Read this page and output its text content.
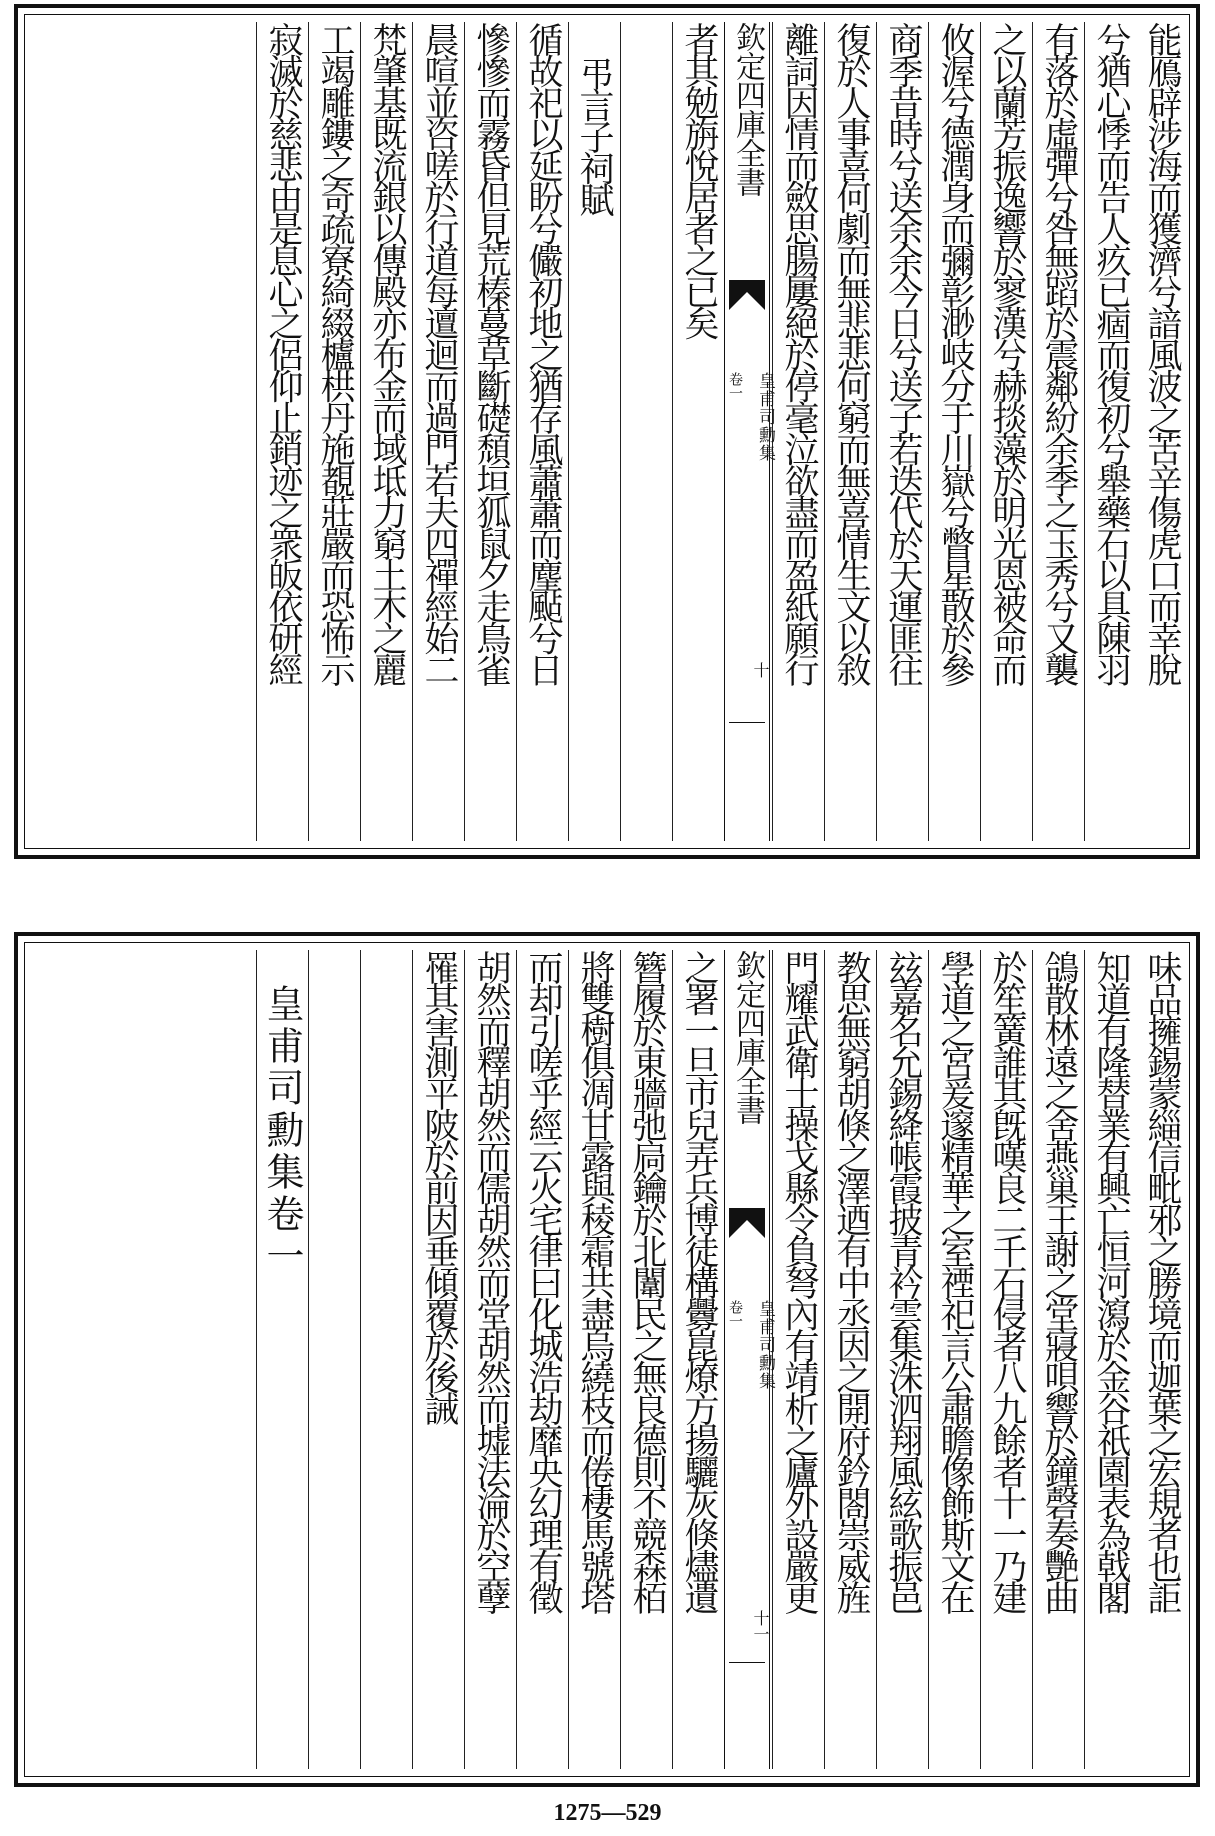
能鴈辟涉海而獲濟兮諳風波之苦辛傷虎口而幸脫
兮猶心悸而告人疚已痼而復初兮舉藥石以具陳羽
有落於虛彈兮咎無蹈於震鄰紛余季之玉秀兮又襲
之以蘭芳振逸響於寥漢兮赫掞藻於明光恩被命而
攸渥兮德潤身而彌彰渺岐分于川嶽兮瞥星散於參
商季昔時兮送余余今日兮送子若迭代於天運匪往
復於人事喜何劇而無悲悲何窮而無喜情生文以敘
離詞因情而斂思腸屢絕於停毫泣欲盡而盈紙願行
欽定四庫全書
皇甫司勳集
卷一
十
者其勉旃悅居者之已矣
弔言子祠賦
循故祀以延盼兮儼初地之猶存風蕭蕭而麈颭兮日
慘慘而霧昏但見荒榛蔓草斷礎頹垣狐鼠夕走鳥雀
晨喧並咨嗟於行道每邅迴而過門若夫四禪經始二
梵肇基既流銀以傳殿亦布金而域坻力窮土木之麗
工竭雕鏤之奇疏寮綺綴櫨栱丹施覩莊嚴而恐怖示
寂滅於慈悲由是息心之侶仰止銷迹之衆皈依研經
味品擁錫蒙緇信毗邪之勝境而迦葉之宏規者也詎
知道有隆替業有興亡恒河瀉於金谷祇園表為戟閣
鴿散林遠之舍燕巢王謝之堂寢唄響於鐘磬奏艷曲
於笙簧誰其旣嘆良二千石侵者八九餘者十一乃建
學道之宮爰邃精華之室禋祀言公肅瞻像飾斯文在
玆嘉名允錫絳帳霞披青衿雲集洙泗翔風絃歌振邑
教思無窮胡倏之澤迺有中丞因之開府鈐閤崇威旌
門耀武衛士操戈縣令負弩內有靖析之廬外設嚴更
欽定四庫全書
皇甫司勳集
卷一
十一
之署一旦市兒弄兵博徒構釁崑燎方揚驪灰倏燼遺
簪履於東牆弛扃鑰於北闈民之無良德則不競森栢
將雙樹俱凋甘露與稜霜共盡烏繞枝而倦棲馬號塔
而却引嗟乎經云火宅律曰化城浩劫靡央幻理有徵
胡然而釋胡然而儒胡然而堂胡然而墟法淪於空孽
罹其害測平陂於前因垂傾覆於後誡
皇甫司勳集卷一
1275—529
